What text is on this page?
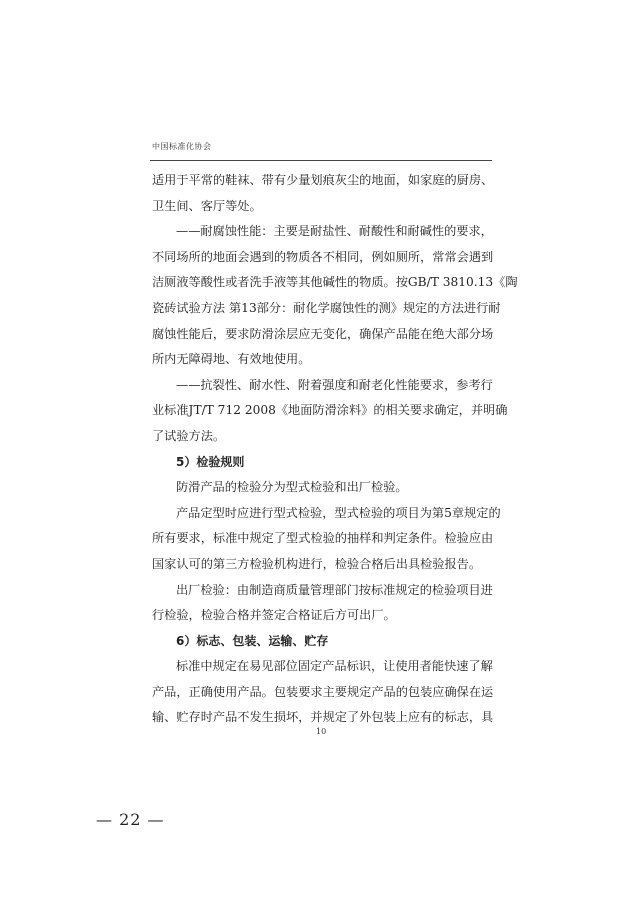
中国标准化协会

适用于平常的鞋袜、带有少量划痕灰尘的地面，如家庭的厨房、

卫生间、客厅等处。

——耐腐蚀性能：主要是耐盐性、耐酸性和耐碱性的要求，

不同场所的地面会遇到的物质各不相同，例如厕所，常常会遇到

洁厕液等酸性或者洗手液等其他碱性的物质。按GB/T 3810.13《陶

瓷砖试验方法 第13部分：耐化学腐蚀性的测》规定的方法进行耐

腐蚀性能后，要求防滑涂层应无变化，确保产品能在绝大部分场

所内无障碍地、有效地使用。

——抗裂性、耐水性、附着强度和耐老化性能要求，参考行

业标准JT/T 712 2008《地面防滑涂料》的相关要求确定，并明确

了试验方法。

5）检验规则

防滑产品的检验分为型式检验和出厂检验。

产品定型时应进行型式检验，型式检验的项目为第5章规定的

所有要求，标准中规定了型式检验的抽样和判定条件。检验应由

国家认可的第三方检验机构进行，检验合格后出具检验报告。

出厂检验：由制造商质量管理部门按标准规定的检验项目进

行检验，检验合格并签定合格证后方可出厂。

6）标志、包装、运输、贮存

标准中规定在易见部位固定产品标识，让使用者能快速了解

产品，正确使用产品。包装要求主要规定产品的包装应确保在运

输、贮存时产品不发生损坏，并规定了外包装上应有的标志，具

10
— 22 —
